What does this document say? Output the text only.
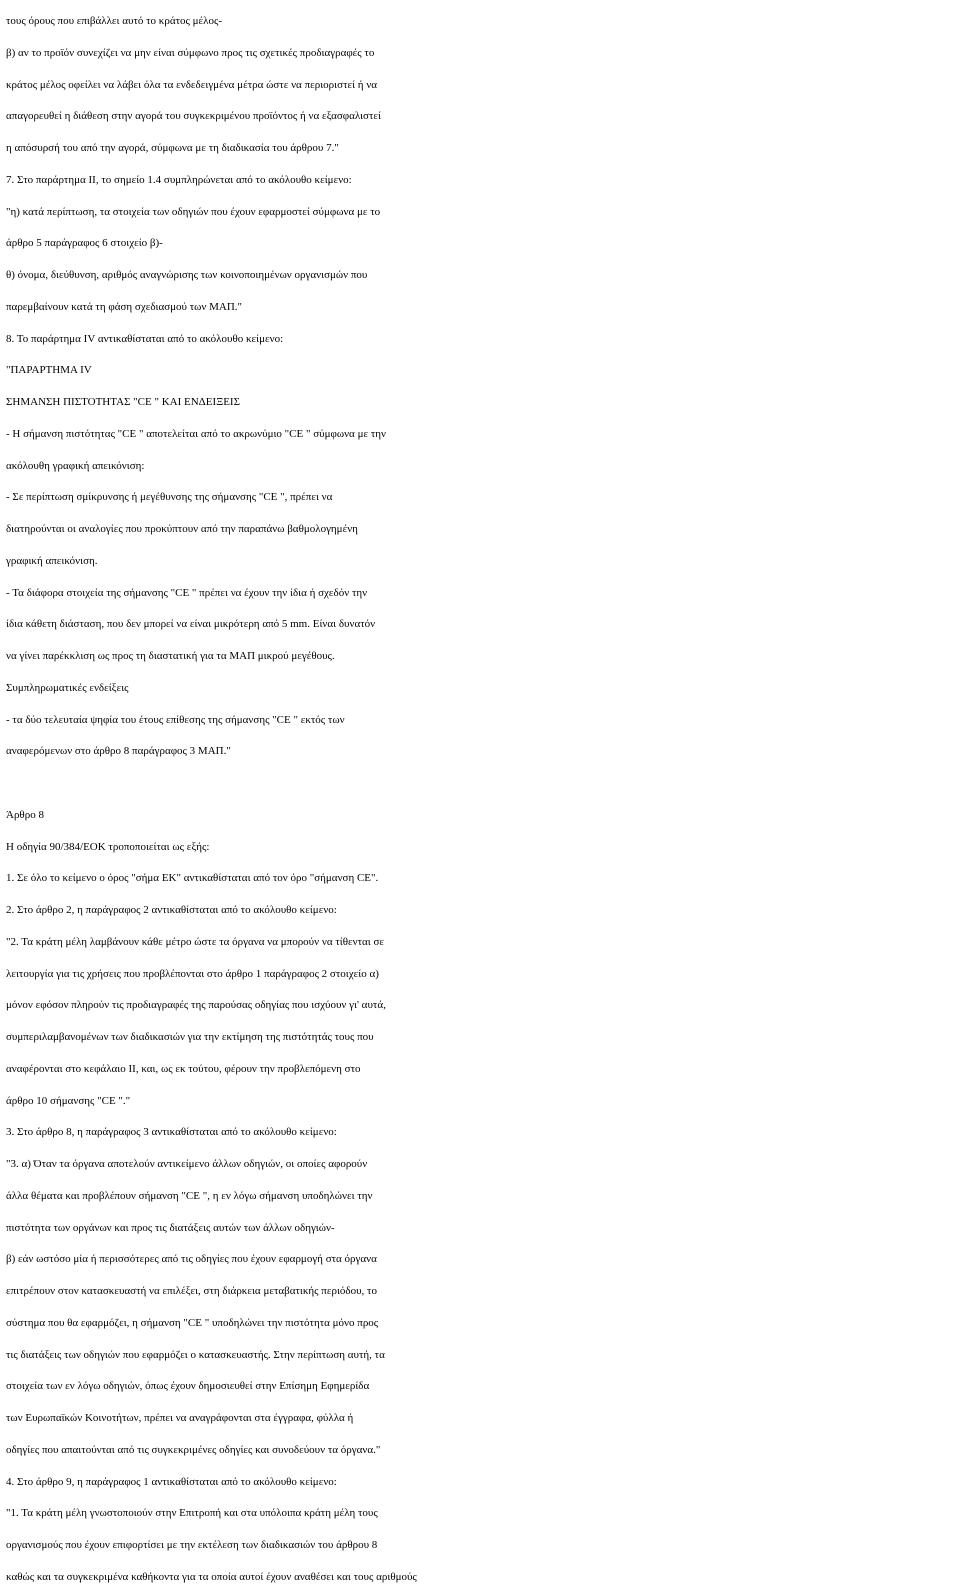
τους όρους που επιβάλλει αυτό το κράτος μέλος-
β) αν το προϊόν συνεχίζει να μην είναι σύμφωνο προς τις σχετικές προδιαγραφές το
κράτος μέλος οφείλει να λάβει όλα τα ενδεδειγμένα μέτρα ώστε να περιοριστεί ή να
απαγορευθεί η διάθεση στην αγορά του συγκεκριμένου προϊόντος ή να εξασφαλιστεί
η απόσυρσή του από την αγορά, σύμφωνα με τη διαδικασία του άρθρου 7."
7. Στο παράρτημα II, το σημείο 1.4 συμπληρώνεται από το ακόλουθο κείμενο:
"η) κατά περίπτωση, τα στοιχεία των οδηγιών που έχουν εφαρμοστεί σύμφωνα με το
άρθρο 5 παράγραφος 6 στοιχείο β)-
θ) όνομα, διεύθυνση, αριθμός αναγνώρισης των κοινοποιημένων οργανισμών που
παρεμβαίνουν κατά τη φάση σχεδιασμού των ΜΑΠ."
8. Το παράρτημα IV αντικαθίσταται από το ακόλουθο κείμενο:
"ΠΑΡΑΡΤΗΜΑ IV
ΣΗΜΑΝΣΗ ΠΙΣΤΟΤΗΤΑΣ "CE " ΚΑΙ ΕΝΔΕΙΞΕΙΣ
- Η σήμανση πιστότητας "CE " αποτελείται από το ακρωνύμιο "CE " σύμφωνα με την
ακόλουθη γραφική απεικόνιση:
- Σε περίπτωση σμίκρυνσης ή μεγέθυνσης της σήμανσης "CE ", πρέπει να
διατηρούνται οι αναλογίες που προκύπτουν από την παραπάνω βαθμολογημένη
γραφική απεικόνιση.
- Τα διάφορα στοιχεία της σήμανσης "CE " πρέπει να έχουν την ίδια ή σχεδόν την
ίδια κάθετη διάσταση, που δεν μπορεί να είναι μικρότερη από 5 mm. Είναι δυνατόν
να γίνει παρέκκλιση ως προς τη διαστατική για τα ΜΑΠ μικρού μεγέθους.
Συμπληρωματικές ενδείξεις
- τα δύο τελευταία ψηφία του έτους επίθεσης της σήμανσης "CE " εκτός των
αναφερόμενων στο άρθρο 8 παράγραφος 3 ΜΑΠ."
Άρθρο 8
Η οδηγία 90/384/ΕΟΚ τροποποιείται ως εξής:
1. Σε όλο το κείμενο ο όρος "σήμα ΕΚ" αντικαθίσταται από τον όρο "σήμανση CE".
2. Στο άρθρο 2, η παράγραφος 2 αντικαθίσταται από το ακόλουθο κείμενο:
"2. Τα κράτη μέλη λαμβάνουν κάθε μέτρο ώστε τα όργανα να μπορούν να τίθενται σε
λειτουργία για τις χρήσεις που προβλέπονται στο άρθρο 1 παράγραφος 2 στοιχείο α)
μόνον εφόσον πληρούν τις προδιαγραφές της παρούσας οδηγίας που ισχύουν γι' αυτά,
συμπεριλαμβανομένων των διαδικασιών για την εκτίμηση της πιστότητάς τους που
αναφέρονται στο κεφάλαιο II, και, ως εκ τούτου, φέρουν την προβλεπόμενη στο
άρθρο 10 σήμανσης "CE "."
3. Στο άρθρο 8, η παράγραφος 3 αντικαθίσταται από το ακόλουθο κείμενο:
"3. α) Όταν τα όργανα αποτελούν αντικείμενο άλλων οδηγιών, οι οποίες αφορούν
άλλα θέματα και προβλέπουν σήμανση "CE ", η εν λόγω σήμανση υποδηλώνει την
πιστότητα των οργάνων και προς τις διατάξεις αυτών των άλλων οδηγιών-
β) εάν ωστόσο μία ή περισσότερες από τις οδηγίες που έχουν εφαρμογή στα όργανα
επιτρέπουν στον κατασκευαστή να επιλέξει, στη διάρκεια μεταβατικής περιόδου, το
σύστημα που θα εφαρμόζει, η σήμανση "CE " υποδηλώνει την πιστότητα μόνο προς
τις διατάξεις των οδηγιών που εφαρμόζει ο κατασκευαστής. Στην περίπτωση αυτή, τα
στοιχεία των εν λόγω οδηγιών, όπως έχουν δημοσιευθεί στην Επίσημη Εφημερίδα
των Ευρωπαϊκών Κοινοτήτων, πρέπει να αναγράφονται στα έγγραφα, φύλλα ή
οδηγίες που απαιτούνται από τις συγκεκριμένες οδηγίες και συνοδεύουν τα όργανα."
4. Στο άρθρο 9, η παράγραφος 1 αντικαθίσταται από το ακόλουθο κείμενο:
"1. Τα κράτη μέλη γνωστοποιούν στην Επιτροπή και στα υπόλοιπα κράτη μέλη τους
οργανισμούς που έχουν επιφορτίσει με την εκτέλεση των διαδικασιών του άρθρου 8
καθώς και τα συγκεκριμένα καθήκοντα για τα οποία αυτοί έχουν αναθέσει και τους αριθμούς
